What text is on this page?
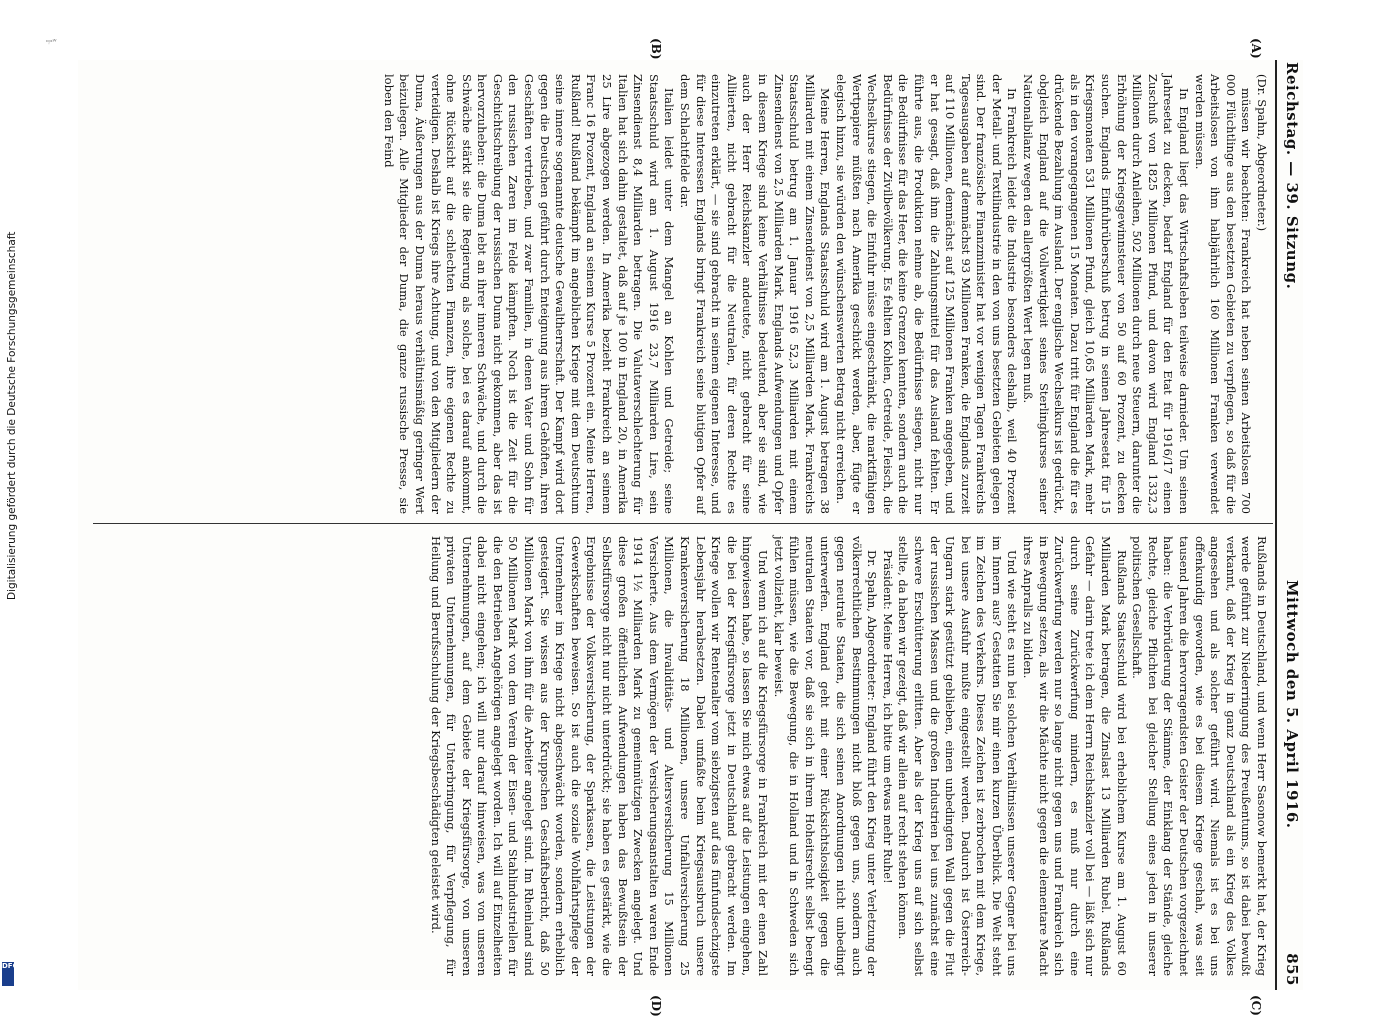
ꟷ᷊ʷ
Reichstag. — 39. Sitzung.
Mittwoch den 5. April 1916.
855
(A)
(B)
(C)
(D)

(Dr. Spahn, Abgeordneter.)

müssen wir beachten: Frankreich hat neben seinen Arbeitslosen 700 000 Flüchtlinge aus den besetzten Gebieten zu verpflegen, so daß für die Arbeitslosen von ihm halbjährlich 160 Millionen Franken verwendet werden müssen.

In England liegt das Wirtschaftsleben teilweise darnieder. Um seinen Jahresetat zu decken, bedarf England für den Etat für 1916/17 einen Zuschuß von 1825 Millionen Pfund, und davon wird England 1332,3 Millionen durch Anleihen, 502 Millionen durch neue Steuern, darunter die Erhöhung der Kriegsgewinnsteuer von 50 auf 60 Prozent, zu decken suchen. Englands Einfuhrüberschuß betrug in seinen Jahresetat für 15 Kriegsmonaten 531 Millionen Pfund, gleich 10,65 Milliarden Mark, mehr als in den vorangegangenen 15 Monaten. Dazu tritt für England die für es drückende Bezahlung im Ausland. Der englische Wechselkurs ist gedrückt, obgleich England auf die Vollwertigkeit seines Sterlingkurses seiner Nationalbilanz wegen den allergrößten Wert legen muß.

In Frankreich leidet die Industrie besonders deshalb, weil 40 Prozent der Metall- und Textilindustrie in den von uns besetzten Gebieten gelegen sind. Der französische Finanzminister hat vor wenigen Tagen Frankreichs Tagesausgaben auf demnächst 93 Millionen Franken, die Englands zurzeit auf 110 Millionen, demnächst auf 125 Millionen Franken angegeben, und er hat gesagt, daß ihm die Zahlungsmittel für das Ausland fehlten. Er führte aus, die Produktion nehme ab, die Bedürfnisse stiegen, nicht nur die Bedürfnisse für das Heer, die keine Grenzen kennten, sondern auch die Bedürfnisse der Zivilbevölkerung. Es fehlten Kohlen, Getreide, Fleisch, die Wechselkurse stiegen, die Einfuhr müsse eingeschränkt, die marktfähigen Wertpapiere müßten nach Amerika geschickt werden, aber, fügte er elegisch hinzu, sie würden den wünschenswerten Betrag nicht erreichen.

Meine Herren, Englands Staatsschuld wird am 1. August betragen 38 Milliarden mit einem Zinsendienst von 2,5 Milliarden Mark. Frankreichs Staatsschuld betrug am 1. Januar 1916 52,3 Milliarden mit einem Zinsendienst von 2,5 Milliarden Mark. Englands Aufwendungen und Opfer in diesem Kriege sind keine Verhältnisse bedeutend, aber sie sind, wie auch der Herr Reichskanzler andeutete, nicht gebracht für seine Alliierten, nicht gebracht für die Neutralen, für deren Rechte es einzutreten erklärt, — sie sind gebracht in seinem eigenen Interesse, und für diese Interessen Englands bringt Frankreich seine blutigen Opfer auf dem Schlachtfelde dar.

Italien leidet unter dem Mangel an Kohlen und Getreide; seine Staatsschuld wird am 1. August 1916 23,7 Milliarden Lire, sein Zinsendienst 8,4 Milliarden betragen. Die Valutaverschlechterung für Italien hat sich dahin gestaltet, daß auf je 100 in England 20, in Amerika 25 Lire abgezogen werden. In Amerika bezieht Frankreich an seinem Franc 16 Prozent, England an seinem Kurse 5 Prozent ein. Meine Herren, Rußland! Rußland bekämpft im angeblichen Kriege mit dem Deutschtum seine innere sogenannte deutsche Gewaltherrschaft. Der Kampf wird dort gegen die Deutschen geführt durch Enteignung aus ihrem Gehöften, ihren Geschäften vertrieben, und zwar Familien, in denen Vater und Sohn für den russischen Zaren im Felde kämpften. Noch ist die Zeit für die Geschichtschreibung der russischen Duma nicht gekommen, aber das ist hervorzuheben: die Duma lebt an ihrer inneren Schwäche, und durch die Schwäche stärkt sie die Regierung als solche, bei es darauf ankommt, ohne Rücksicht auf die schlechten Finanzen, ihre eigenen Rechte zu verteidigen. Deshalb ist Kriegs ihre Achtung, und von den Mitgliedern der Duma, Äußerungen aus der Duma heraus verhältnismäßig geringer Wert beizulegen. Alle Mitglieder der Duma, die ganze russische Presse, sie loben den Feind

Rußlands in Deutschland, und wenn Herr Sasonow bemerkt hat, der Krieg werde geführt zur Niederringung des Preußentums, so ist dabei bewußt verkannt, daß der Krieg in ganz Deutschland als ein Krieg des Volkes angesehen und als solcher geführt wird. Niemals ist es bei uns offenkundig geworden, wie es bei diesem Kriege geschah, was seit tausend Jahren die hervorragendsten Geister der Deutschen vorgezeichnet haben: die Verbrüderung der Stämme, der Einklang der Stände, gleiche Rechte, gleiche Pflichten bei gleicher Stellung eines jeden in unserer politischen Gesellschaft.

Rußlands Staatsschuld wird bei erheblichem Kurse am 1. August 60 Milliarden Mark betragen, die Zinslast 13 Milliarden Rubel. Rußlands Gefahr — darin trete ich dem Herrn Reichskanzler voll bei — läßt sich nur durch seine Zurückwerfung mindern, es muß nur durch eine Zurückwerfung werden nur so lange nicht gegen uns und Frankreich sich in Bewegung setzen, als wir die Mächte nicht gegen die elementare Macht ihres Anpralls zu bilden.

Und wie steht es nun bei solchen Verhältnissen unserer Gegner bei uns im Innern aus? Gestatten Sie mir einen kurzen Überblick. Die Welt steht im Zeichen des Verkehrs. Dieses Zeichen ist zerbrochen mit dem Kriege, bei unsere Ausfuhr mußte eingestellt werden. Dadurch ist Österreich-Ungarn stark gestützt geblieben, einen unbedingten Wall gegen die Flut der russischen Massen und die großen Industrien bei uns zunächst eine schwere Erschütterung erlitten. Aber als der Krieg uns auf sich selbst stellte, da haben wir gezeigt, daß wir allein auf recht stehen können.

Präsident: Meine Herren, ich bitte um etwas mehr Ruhe!

Dr. Spahn, Abgeordneter: England führt den Krieg unter Verletzung der völkerrechtlichen Bestimmungen nicht bloß gegen uns, sondern auch gegen neutrale Staaten, die sich seinen Anordnungen nicht unbedingt unterwerfen. England geht mit einer Rücksichtslosigkeit gegen die neutralen Staaten vor, daß sie sich in ihrem Hoheitsrecht selbst beengt fühlen müssen, wie die Bewegung, die in Holland und in Schweden sich jetzt vollzieht, klar beweist.

Und wenn ich auf die Kriegsfürsorge in Frankreich mit der einen Zahl hingewiesen habe, so lassen Sie mich etwas auf die Leistungen eingehen, die bei der Kriegsfürsorge jetzt in Deutschland gebracht werden. Im Kriege wollen wir Rentenalter vom siebzigsten auf das fünfundsechzigste Lebensjahr herabsetzen. Dabei umfaßte beim Kriegsausbruch unsere Krankenversicherung 18 Millionen, unsere Unfallversicherung 25 Millionen, die Invaliditäts- und Altersversicherung 15 Millionen Versicherte. Aus dem Vermögen der Versicherungsanstalten waren Ende 1914 1½ Milliarden Mark zu gemeinnützigen Zwecken angelegt. Und diese großen öffentlichen Aufwendungen haben das Bewußtsein der Selbstfürsorge nicht nur nicht unterdrückt; sie haben es gestärkt, wie die Ergebnisse der Volksversicherung, der Sparkassen, die Leistungen der Gewerkschaften beweisen. So ist auch die soziale Wohlfahrtspflege der Unternehmer im Kriege nicht abgeschwächt worden, sondern erheblich gesteigert. Sie wissen aus der Kruppschen Geschäftsbericht, daß 50 Millionen Mark von ihm für die Arbeiter angelegt sind. Im Rheinland sind 50 Millionen Mark von dem Verein der Eisen- und Stahlindustriellen für die den Betrieben Angehörigen angelegt worden. Ich will auf Einzelheiten dabei nicht eingehen; ich will nur darauf hinweisen, was von unseren Unternehmungen, auf dem Gebiete der Kriegsfürsorge, von unseren privaten Unternehmungen, für Unterbringung, für Verpflegung, für Heilung und Berufsschulung der Kriegsbeschädigten geleistet wird.

Digitalisierung gefördert durch die Deutsche Forschungsgemeinschaft
DFG
